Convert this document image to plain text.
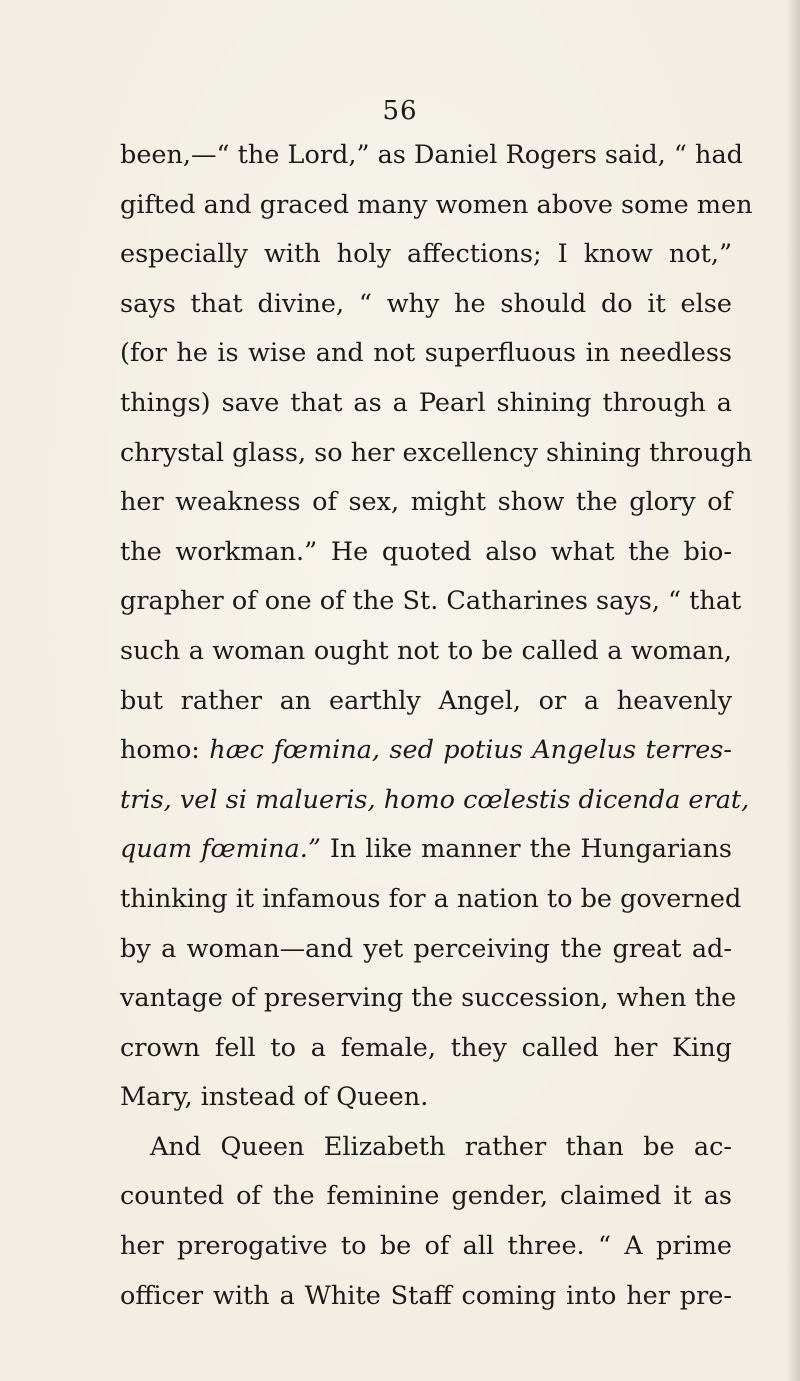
56
been,—“ the Lord,” as Daniel Rogers said, “ had
gifted and graced many women above some men
especially with holy affections; I know not,”
says that divine, “ why he should do it else
(for he is wise and not superfluous in needless
things) save that as a Pearl shining through a
chrystal glass, so her excellency shining through
her weakness of sex, might show the glory of
the workman.” He quoted also what the bio-
grapher of one of the St. Catharines says, “ that
such a woman ought not to be called a woman,
but rather an earthly Angel, or a heavenly
homo: hæc fœmina, sed potius Angelus terres-
tris, vel si malueris, homo cœlestis dicenda erat,
quam fœmina.” In like manner the Hungarians
thinking it infamous for a nation to be governed
by a woman—and yet perceiving the great ad-
vantage of preserving the succession, when the
crown fell to a female, they called her King
Mary, instead of Queen.
And Queen Elizabeth rather than be ac-
counted of the feminine gender, claimed it as
her prerogative to be of all three. “ A prime
officer with a White Staff coming into her pre-
